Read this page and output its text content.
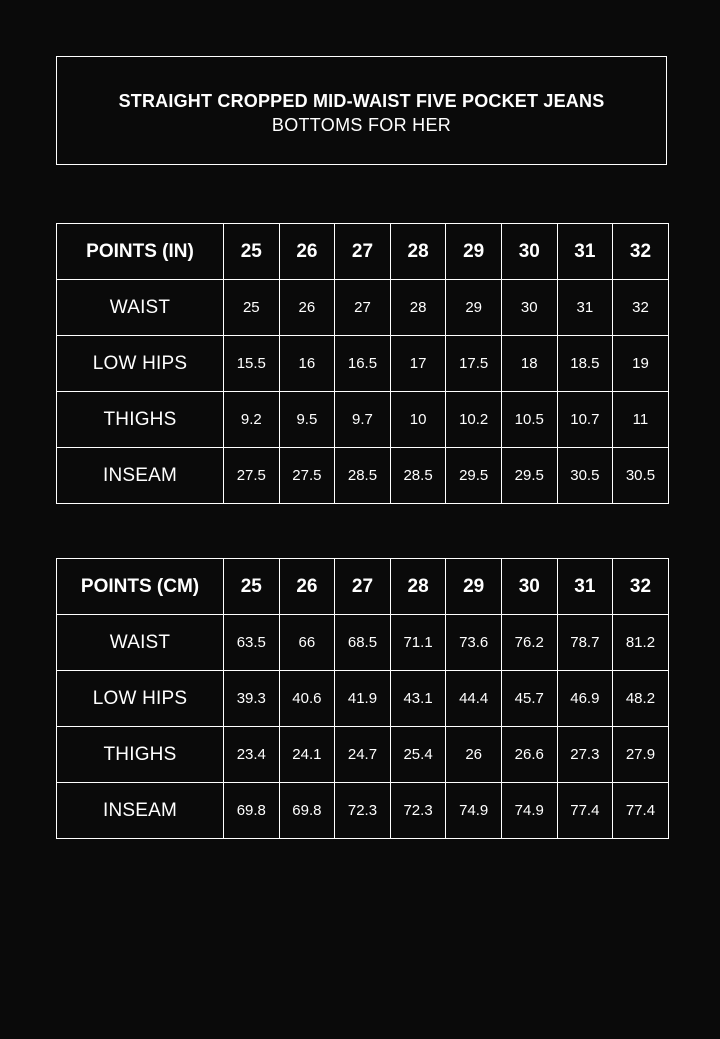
STRAIGHT CROPPED MID-WAIST FIVE POCKET JEANS
BOTTOMS FOR HER
POINTS (IN)	25	26	27	28	29	30	31	32
WAIST	25	26	27	28	29	30	31	32
LOW HIPS	15.5	16	16.5	17	17.5	18	18.5	19
THIGHS	9.2	9.5	9.7	10	10.2	10.5	10.7	11
INSEAM	27.5	27.5	28.5	28.5	29.5	29.5	30.5	30.5
POINTS (CM)	25	26	27	28	29	30	31	32
WAIST	63.5	66	68.5	71.1	73.6	76.2	78.7	81.2
LOW HIPS	39.3	40.6	41.9	43.1	44.4	45.7	46.9	48.2
THIGHS	23.4	24.1	24.7	25.4	26	26.6	27.3	27.9
INSEAM	69.8	69.8	72.3	72.3	74.9	74.9	77.4	77.4
